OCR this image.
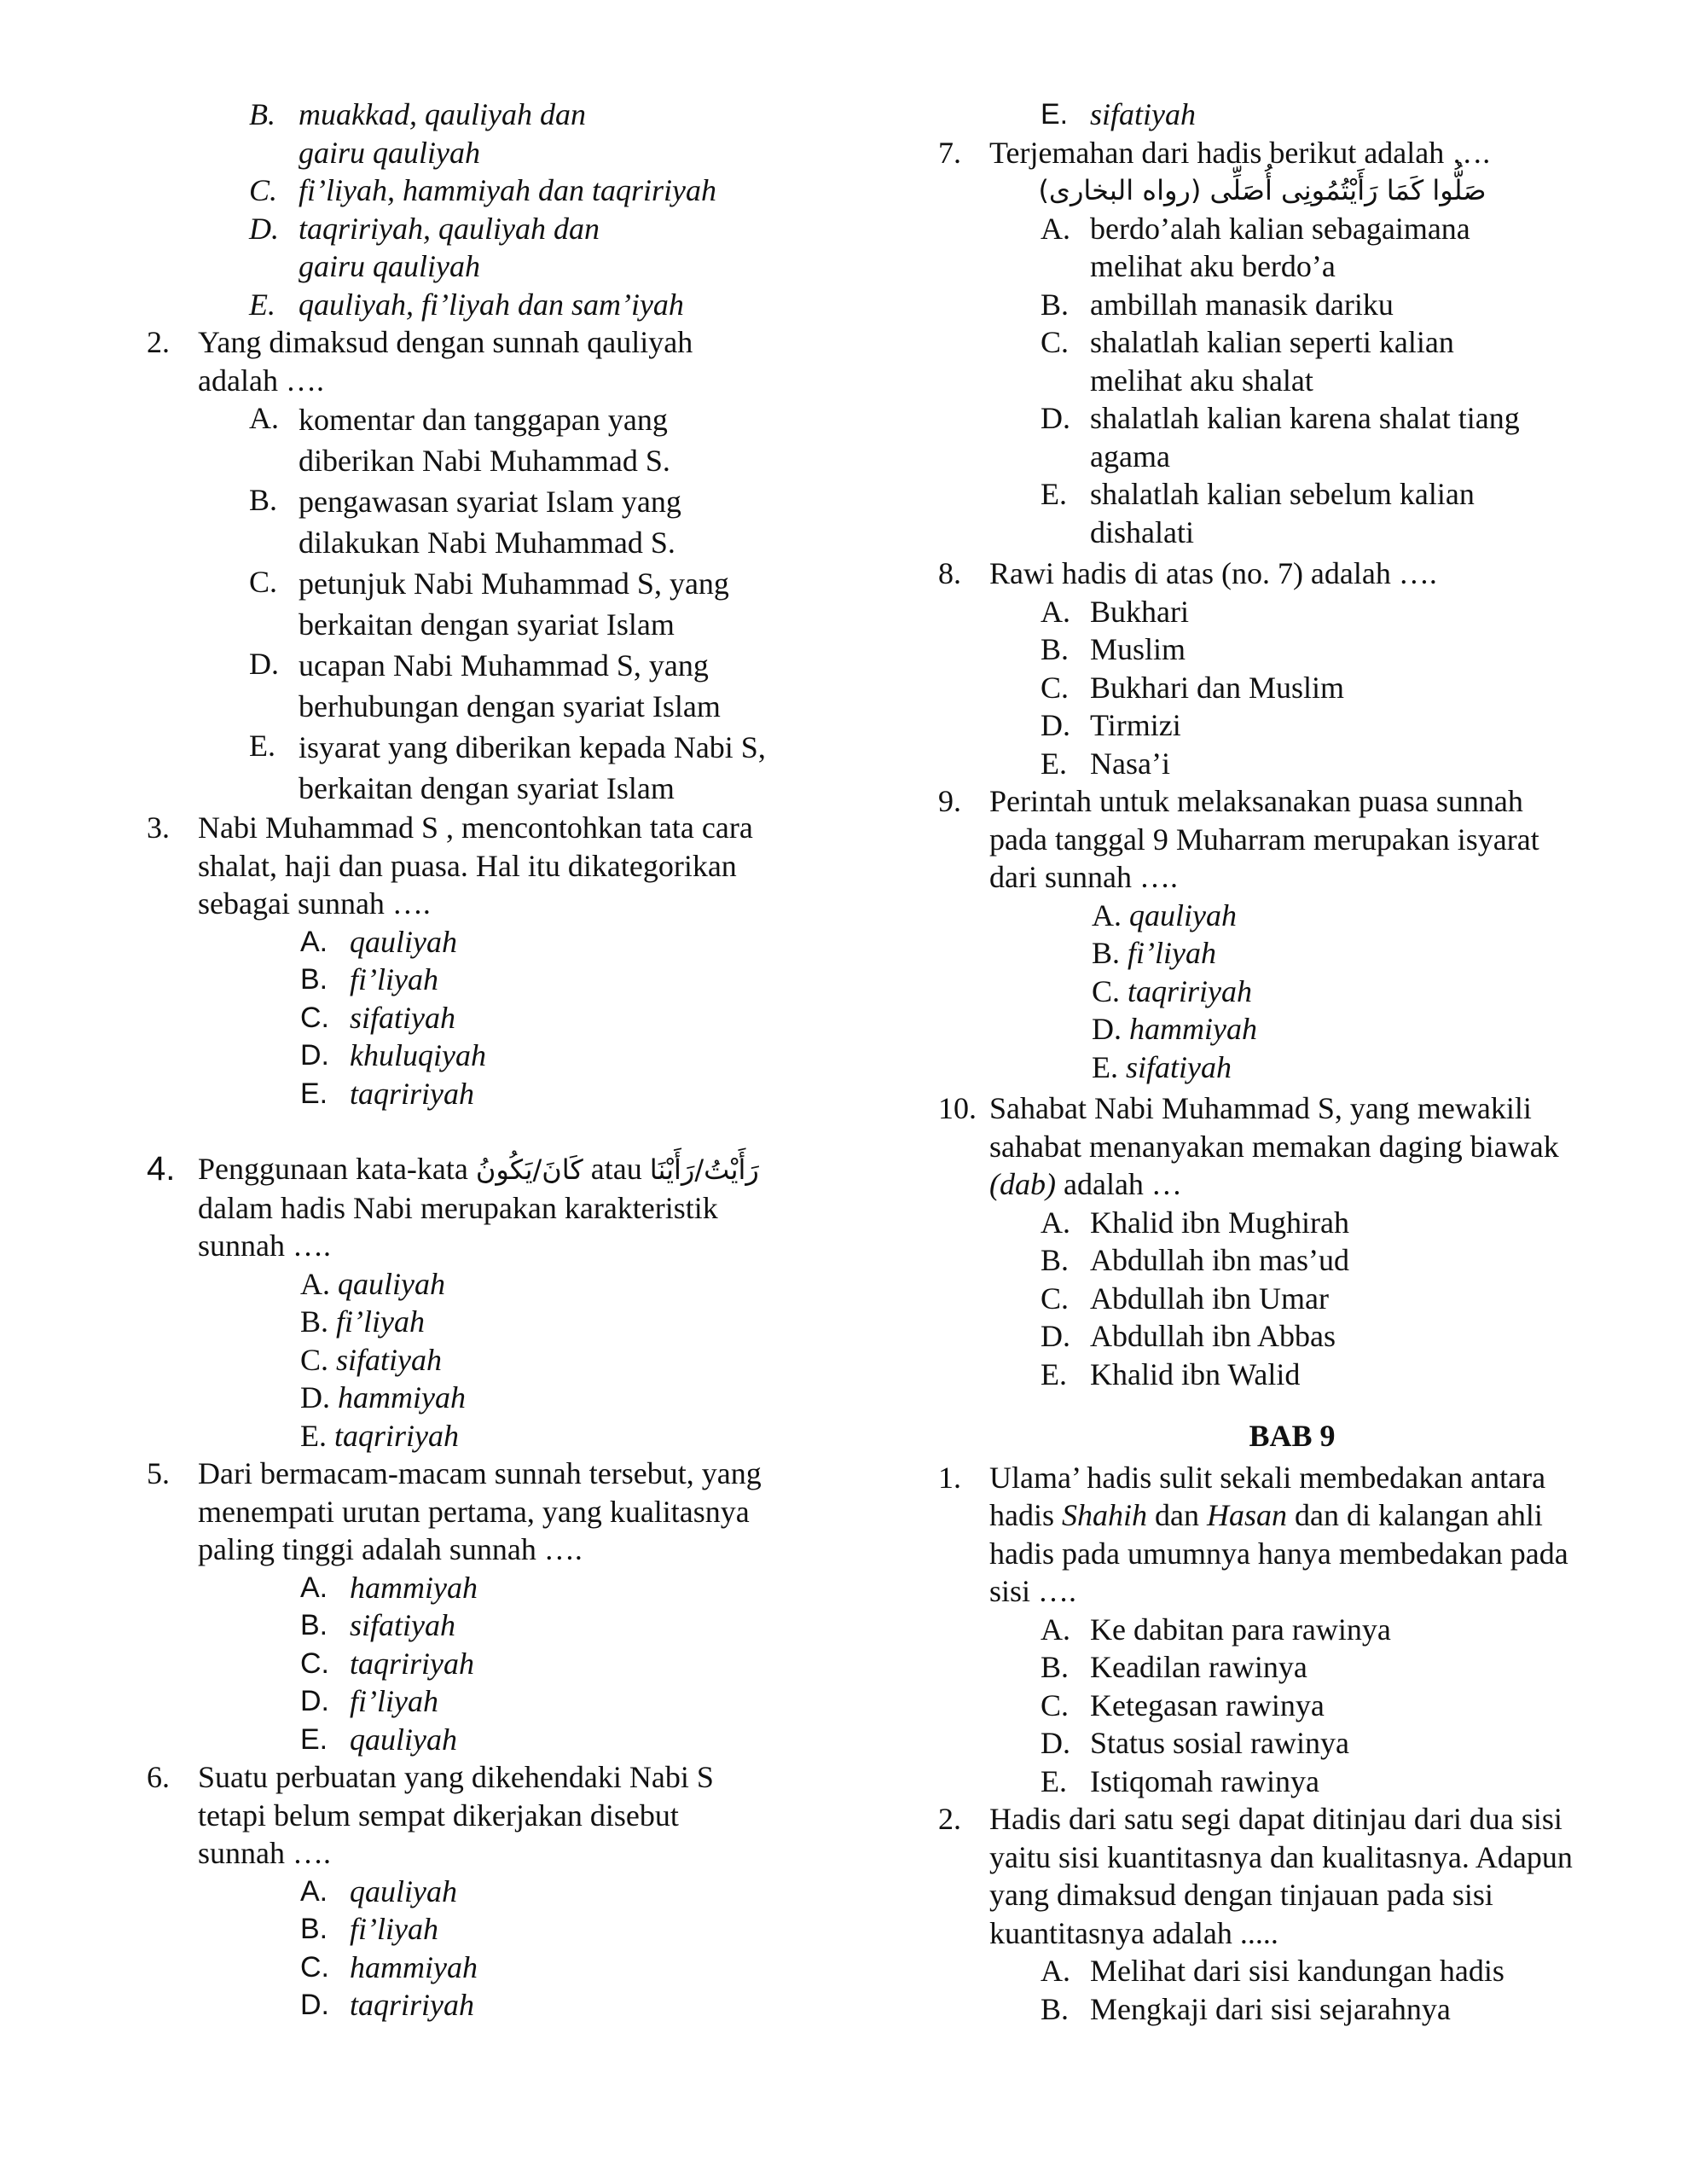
B. muakkad, qauliyah dan gairu qauliyah
C. fi’liyah, hammiyah dan taqririyah
D. taqririyah, qauliyah dan gairu qauliyah
E. qauliyah, fi’liyah dan sam’iyah
2. Yang dimaksud dengan sunnah qauliyah adalah ….
A. komentar dan tanggapan yang diberikan Nabi Muhammad S.
B. pengawasan syariat Islam yang dilakukan Nabi Muhammad S.
C. petunjuk Nabi Muhammad S, yang berkaitan dengan syariat Islam
D. ucapan Nabi Muhammad S, yang berhubungan dengan syariat Islam
E. isyarat yang diberikan kepada Nabi S, berkaitan dengan syariat Islam
3. Nabi Muhammad S , mencontohkan tata cara shalat, haji dan puasa. Hal itu dikategorikan sebagai sunnah ….
A. qauliyah
B. fi’liyah
C. sifatiyah
D. khuluqiyah
E. taqririyah
4. Penggunaan kata-kata كَانَ/يَكُونُ atau رَأَيْتُ/رَأَيْنَا dalam hadis Nabi merupakan karakteristik sunnah ….
A. qauliyah
B. fi’liyah
C. sifatiyah
D. hammiyah
E. taqririyah
5. Dari bermacam-macam sunnah tersebut, yang menempati urutan pertama, yang kualitasnya paling tinggi adalah sunnah ….
A. hammiyah
B. sifatiyah
C. taqririyah
D. fi’liyah
E. qauliyah
6. Suatu perbuatan yang dikehendaki Nabi S tetapi belum sempat dikerjakan disebut sunnah ….
A. qauliyah
B. fi’liyah
C. hammiyah
D. taqririyah
E. sifatiyah
7. Terjemahan dari hadis berikut adalah ….
صَلُّوا كَمَا رَأَيْتُمُونِى أُصَلِّى (رواه البخارى)
A. berdo’alah kalian sebagaimana melihat aku berdo’a
B. ambillah manasik dariku
C. shalatlah kalian seperti kalian melihat aku shalat
D. shalatlah kalian karena shalat tiang agama
E. shalatlah kalian sebelum kalian dishalati
8. Rawi hadis di atas (no. 7) adalah ….
A. Bukhari
B. Muslim
C. Bukhari dan Muslim
D. Tirmizi
E. Nasa’i
9. Perintah untuk melaksanakan puasa sunnah pada tanggal 9 Muharram merupakan isyarat dari sunnah ….
A. qauliyah
B. fi’liyah
C. taqririyah
D. hammiyah
E. sifatiyah
10. Sahabat Nabi Muhammad S, yang mewakili sahabat menanyakan memakan daging biawak (dab) adalah …
A. Khalid ibn Mughirah
B. Abdullah ibn mas’ud
C. Abdullah ibn Umar
D. Abdullah ibn Abbas
E. Khalid ibn Walid
BAB 9
1. Ulama’ hadis sulit sekali membedakan antara hadis Shahih dan Hasan dan di kalangan ahli hadis pada umumnya hanya membedakan pada sisi ….
A. Ke dabitan para rawinya
B. Keadilan rawinya
C. Ketegasan rawinya
D. Status sosial rawinya
E. Istiqomah rawinya
2. Hadis dari satu segi dapat ditinjau dari dua sisi yaitu sisi kuantitasnya dan kualitasnya. Adapun yang dimaksud dengan tinjauan pada sisi kuantitasnya adalah .....
A. Melihat dari sisi kandungan hadis
B. Mengkaji dari sisi sejarahnya
